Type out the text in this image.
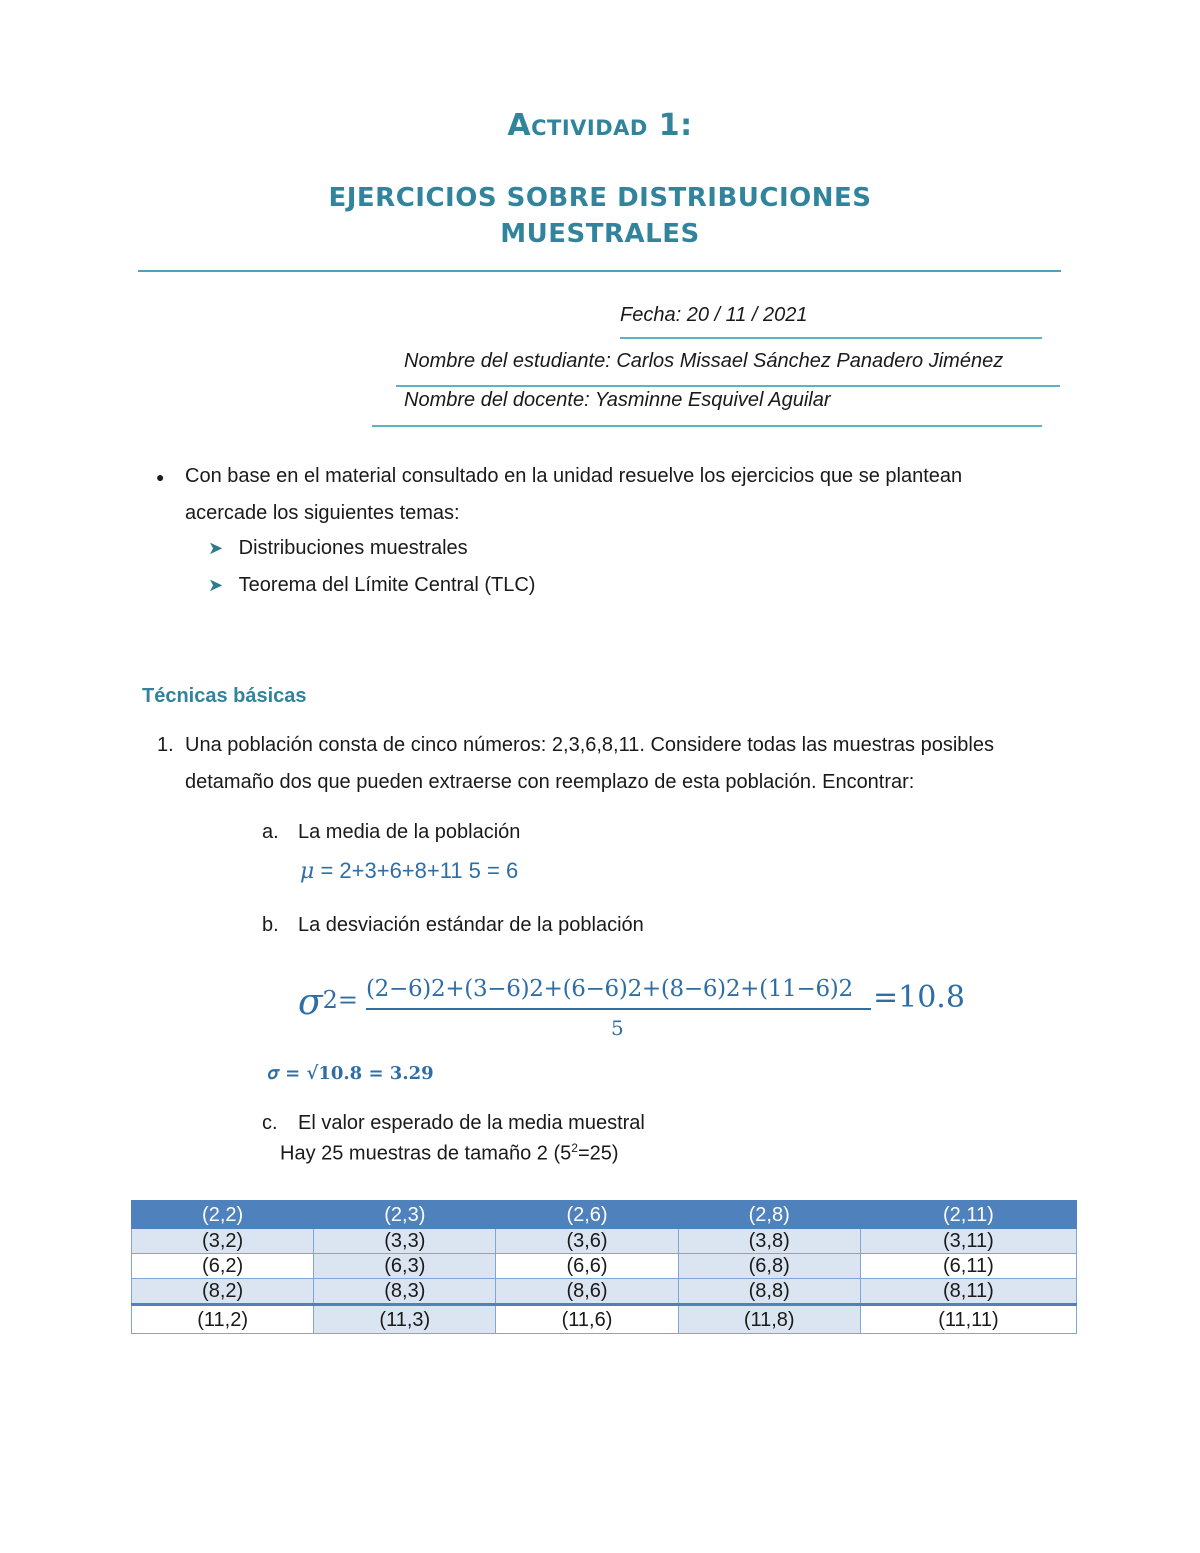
Actividad 1:
EJERCICIOS SOBRE DISTRIBUCIONES
MUESTRALES
Fecha: 20 / 11 / 2021
Nombre del estudiante: Carlos Missael Sánchez Panadero Jiménez
Nombre del docente: Yasminne Esquivel Aguilar
● Con base en el material consultado en la unidad resuelve los ejercicios que se plantean
acercade los siguientes temas:
➤ Distribuciones muestrales
➤ Teorema del Límite Central (TLC)
Técnicas básicas
1. Una población consta de cinco números: 2,3,6,8,11. Considere todas las muestras posibles
detamaño dos que pueden extraerse con reemplazo de esta población. Encontrar:
a. La media de la población
μ = 2+3+6+8+11 5 = 6
b. La desviación estándar de la población
σ2= (2−6)2+(3−6)2+(6−6)2+(8−6)2+(11−6)2
5
=10.8
𝜎 = √𝟏𝟎.𝟖 = 𝟑.𝟐𝟗
c. El valor esperado de la media muestral
Hay 25 muestras de tamaño 2 $(5^2=25)$
(2,2)	(2,3)	(2,6)	(2,8)	(2,11)
(3,2)	(3,3)	(3,6)	(3,8)	(3,11)
(6,2)	(6,3)	(6,6)	(6,8)	(6,11)
(8,2)	(8,3)	(8,6)	(8,8)	(8,11)
(11,2)	(11,3)	(11,6)	(11,8)	(11,11)
